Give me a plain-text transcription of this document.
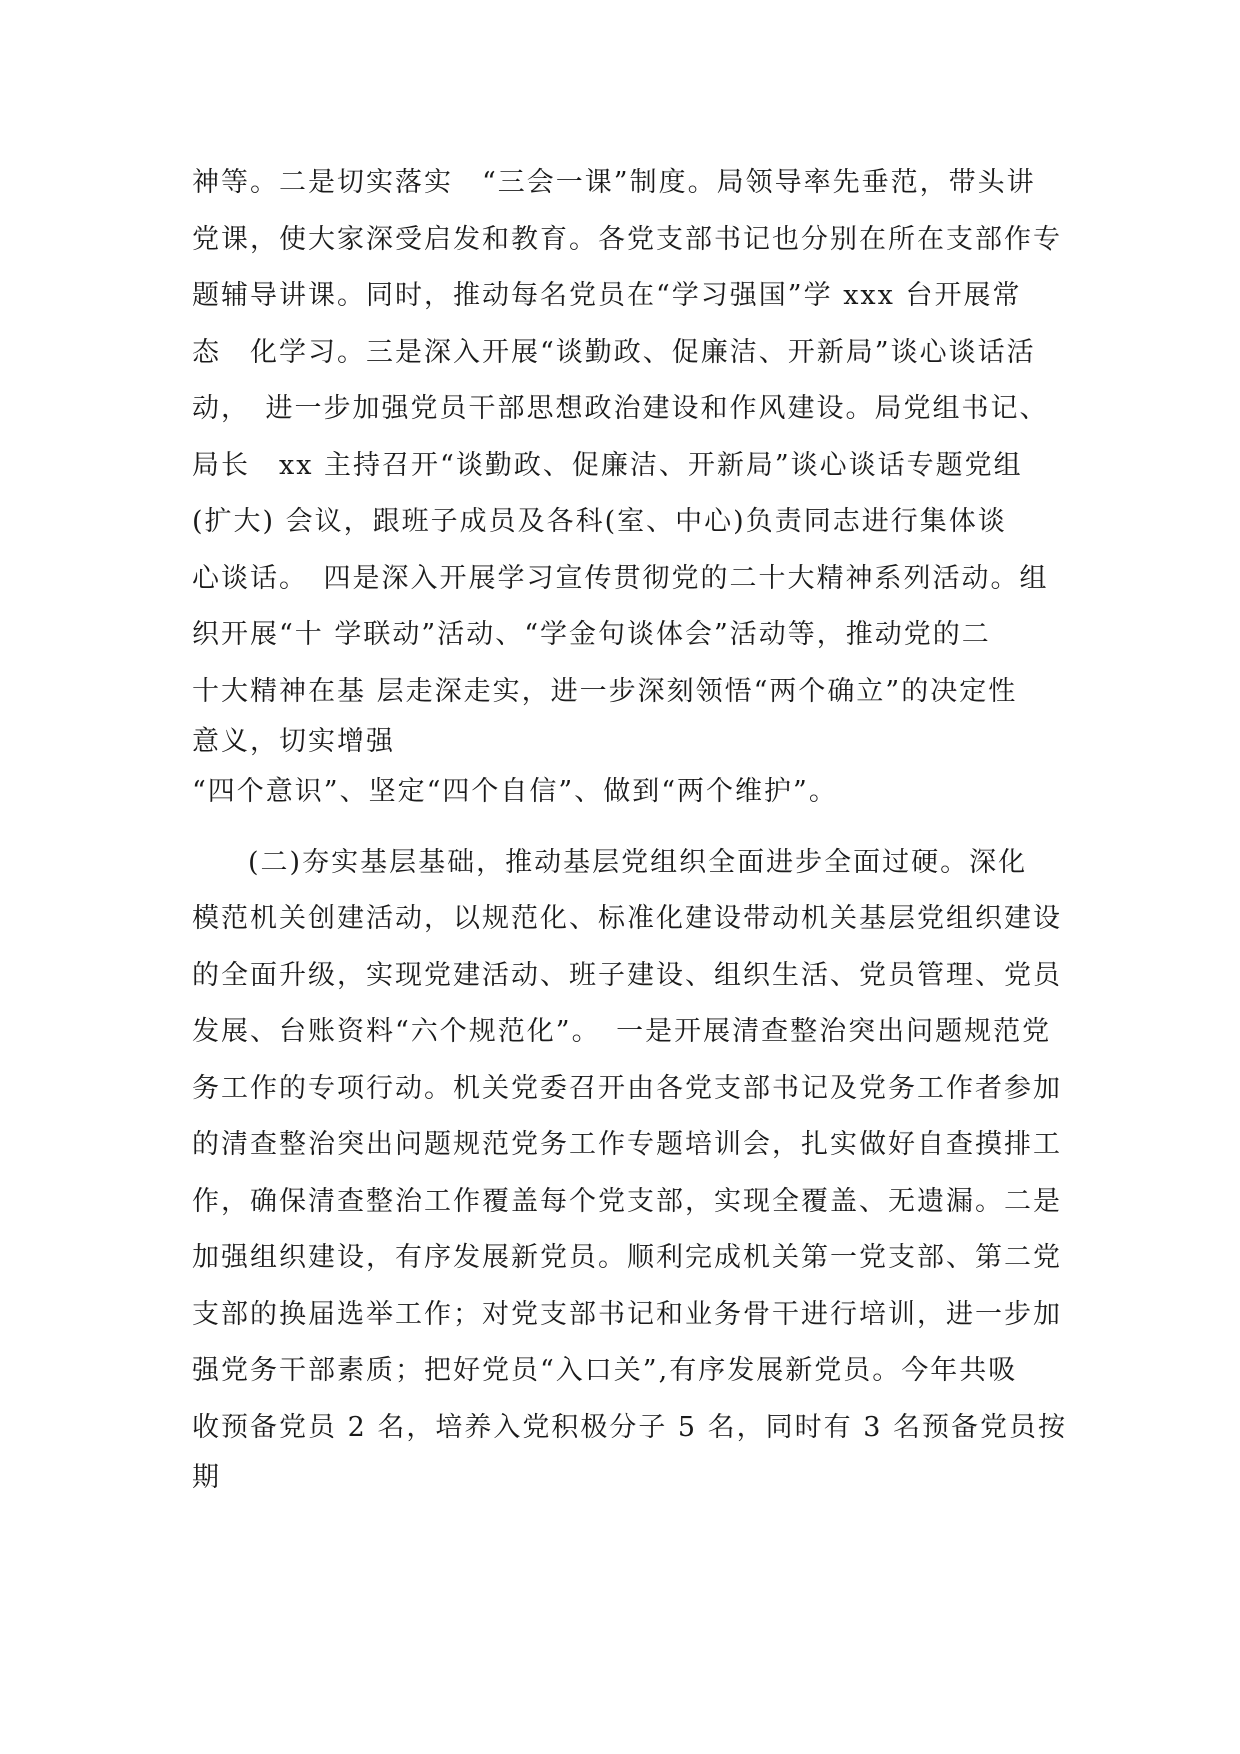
神等。二是切实落实　“三会一课”制度。局领导率先垂范，带头讲
党课，使大家深受启发和教育。各党支部书记也分别在所在支部作专
题辅导讲课。同时，推动每名党员在“学习强国”学 xxx 台开展常
态　化学习。三是深入开展“谈勤政、促廉洁、开新局”谈心谈话活
动，　进一步加强党员干部思想政治建设和作风建设。局党组书记、
局长　xx 主持召开“谈勤政、促廉洁、开新局”谈心谈话专题党组
(扩大) 会议，跟班子成员及各科(室、中心)负责同志进行集体谈
心谈话。　四是深入开展学习宣传贯彻党的二十大精神系列活动。组
织开展“十 学联动”活动、“学金句谈体会”活动等，推动党的二
十大精神在基 层走深走实，进一步深刻领悟“两个确立”的决定性
意义，切实增强
“四个意识”、坚定“四个自信”、做到“两个维护”。
(二)夯实基层基础，推动基层党组织全面进步全面过硬。深化
模范机关创建活动，以规范化、标准化建设带动机关基层党组织建设
的全面升级，实现党建活动、班子建设、组织生活、党员管理、党员
发展、台账资料“六个规范化”。　一是开展清查整治突出问题规范党
务工作的专项行动。机关党委召开由各党支部书记及党务工作者参加
的清查整治突出问题规范党务工作专题培训会，扎实做好自查摸排工
作，确保清查整治工作覆盖每个党支部，实现全覆盖、无遗漏。二是
加强组织建设，有序发展新党员。顺利完成机关第一党支部、第二党
支部的换届选举工作；对党支部书记和业务骨干进行培训，进一步加
强党务干部素质；把好党员“入口关”,有序发展新党员。今年共吸
收预备党员 2 名，培养入党积极分子 5 名，同时有 3 名预备党员按
期
